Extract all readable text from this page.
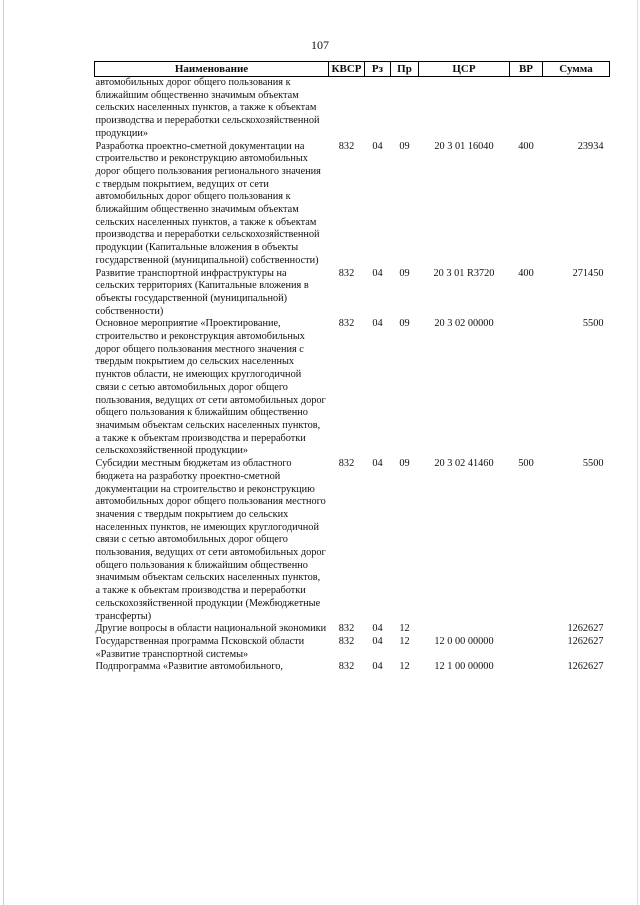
107
Наименование	КВСР	Рз	Пр	ЦСР	ВР	Сумма
автомобильных дорог общего пользования к ближайшим общественно значимым объектам сельских населенных пунктов, а также к объектам производства и переработки сельскохозяйственной продукции»						
Разработка проектно-сметной документации на строительство и реконструкцию автомобильных дорог общего пользования регионального значения с твердым покрытием, ведущих от сети автомобильных дорог общего пользования к ближайшим общественно значимым объектам сельских населенных пунктов, а также к объектам производства и переработки сельскохозяйственной продукции (Капитальные вложения в объекты государственной (муниципальной) собственности)	832	04	09	20 3 01 16040	400	23934
Развитие транспортной инфраструктуры на сельских территориях (Капитальные вложения в объекты государственной (муниципальной) собственности)	832	04	09	20 3 01 R3720	400	271450
Основное мероприятие «Проектирование, строительство и реконструкция автомобильных дорог общего пользования местного значения с твердым покрытием до сельских населенных пунктов области, не имеющих круглогодичной связи с сетью автомобильных дорог общего пользования, ведущих от сети автомобильных дорог общего пользования к ближайшим общественно значимым объектам сельских населенных пунктов, а также к объектам производства и переработки сельскохозяйственной продукции»	832	04	09	20 3 02 00000		5500
Субсидии местным бюджетам из областного бюджета на разработку проектно-сметной документации на строительство и реконструкцию автомобильных дорог общего пользования местного значения с твердым покрытием до сельских населенных пунктов, не имеющих круглогодичной связи с сетью автомобильных дорог общего пользования, ведущих от сети автомобильных дорог общего пользования к ближайшим общественно значимым объектам сельских населенных пунктов, а также к объектам производства и переработки сельскохозяйственной продукции (Межбюджетные трансферты)	832	04	09	20 3 02 41460	500	5500
Другие вопросы в области национальной экономики	832	04	12			1262627
Государственная программа Псковской области «Развитие транспортной системы»	832	04	12	12 0 00 00000		1262627
Подпрограмма «Развитие автомобильного,	832	04	12	12 1 00 00000		1262627
